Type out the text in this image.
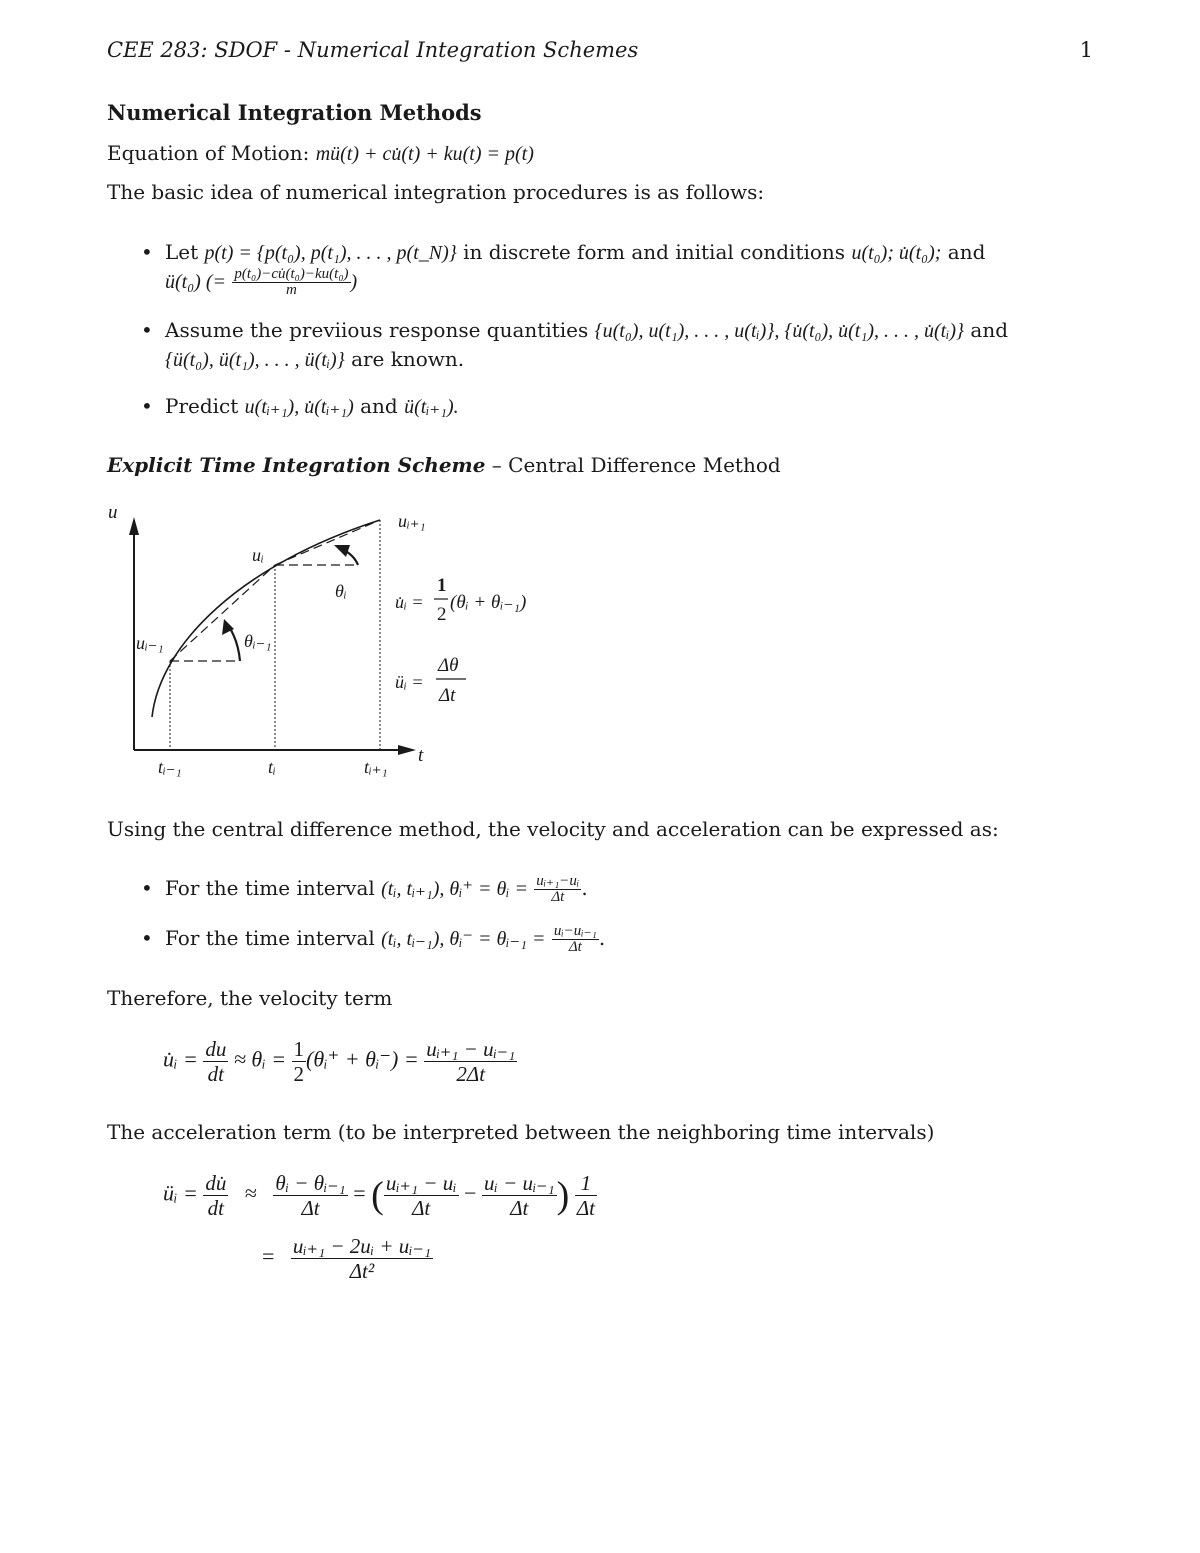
CEE 283: SDOF - Numerical Integration Schemes	1
Numerical Integration Methods
Equation of Motion: mü(t) + cu̇(t) + ku(t) = p(t)
The basic idea of numerical integration procedures is as follows:
• Let p(t) = {p(t₀), p(t₁), . . . , p(t_N)} in discrete form and initial conditions u(t₀); u̇(t₀); and
ü(t₀) (= $\frac{\text{p(t₀)−cu̇(t₀)−ku(t₀)}}{m}$ )
• Assume the previious response quantities {u(t₀), u(t₁), . . . , u(tᵢ)}, {u̇(t₀), u̇(t₁), . . . , u̇(tᵢ)} and
{ü(t₀), ü(t₁), . . . , ü(tᵢ)} are known.
• Predict u(tᵢ₊₁), u̇(tᵢ₊₁) and ü(tᵢ₊₁).
Explicit Time Integration Scheme – Central Difference Method
u
t
uᵢ
uᵢ₋₁
uᵢ₊₁
θᵢ
θᵢ₋₁
tᵢ₋₁	tᵢ	tᵢ₊₁
u̇ᵢ =
1
2
(θᵢ + θᵢ₋₁)
üᵢ =
Δθ
Δt
Using the central difference method, the velocity and acceleration can be expressed as:
• For the time interval (tᵢ, tᵢ₊₁), θᵢ⁺ = θᵢ = $\frac{\text{uᵢ₊₁−uᵢ}}{\Delta t}$ .
• For the time interval (tᵢ, tᵢ₋₁), θᵢ⁻ = θᵢ₋₁ = $\frac{\text{uᵢ−uᵢ₋₁}}{\Delta t}$ .
Therefore, the velocity term
u̇ᵢ = $\frac{du}{dt}$ ≈ θᵢ = $\frac{1}{2}$ (θᵢ⁺ + θᵢ⁻) = $\frac{\text{uᵢ₊₁ − uᵢ₋₁}}{2\Delta t}$
The acceleration term (to be interpreted between the neighboring time intervals)
üᵢ = $\frac{du̇}{dt} \approx \frac{\text{θᵢ − θᵢ₋₁}}{\Delta t}$ = ( $\frac{\text{uᵢ₊₁ − uᵢ}}{\Delta t} - \frac{\text{uᵢ − uᵢ₋₁}}{\Delta t}$ ) $\frac{1}{\Delta t}$
= $\frac{\text{uᵢ₊₁ − 2uᵢ + uᵢ₋₁}}{\text{Δt²}}$
